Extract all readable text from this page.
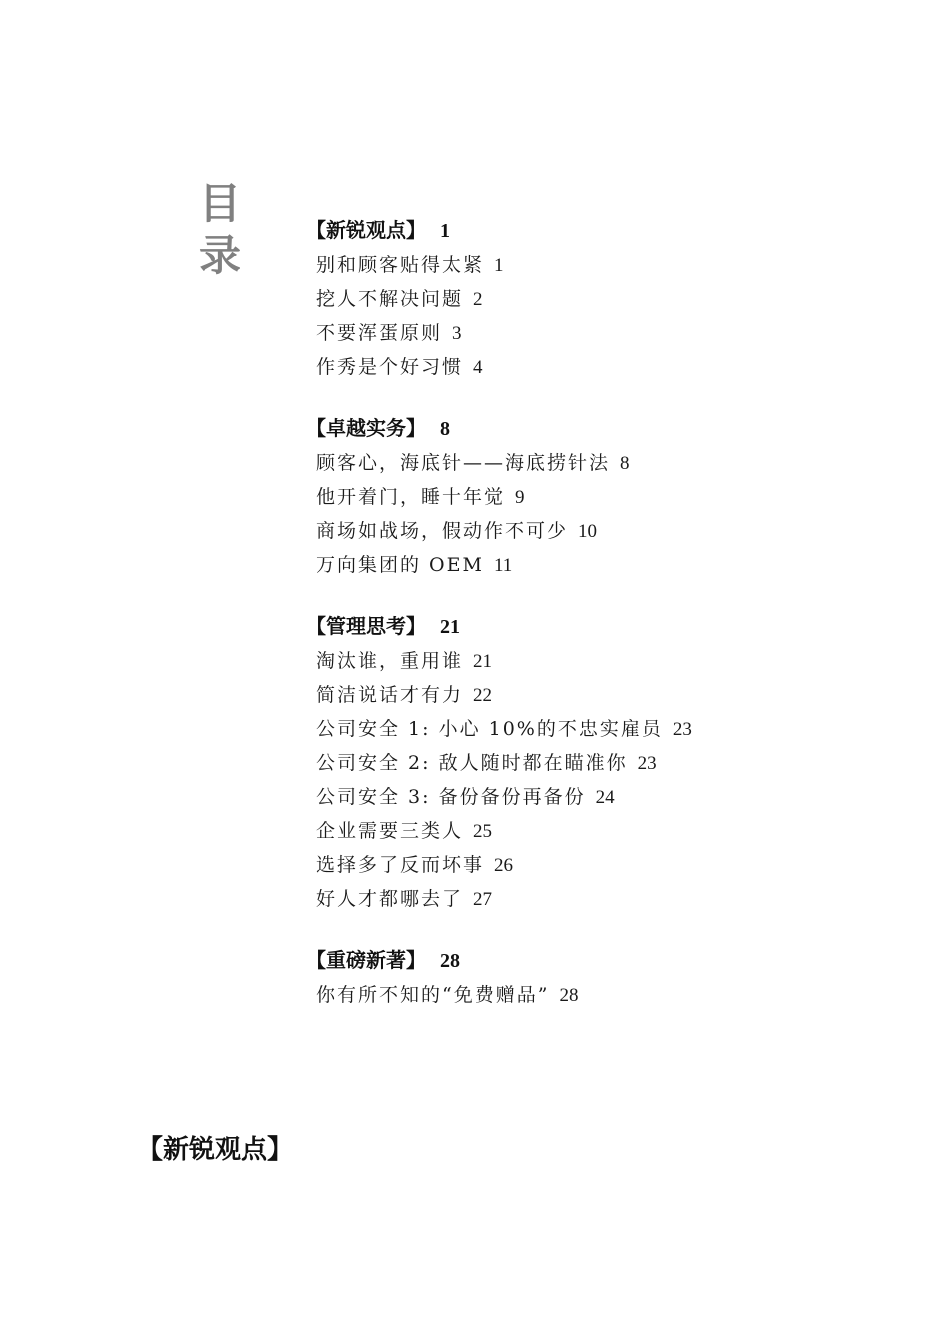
目
录
【新锐观点】 1
别和顾客贴得太紧 1
挖人不解决问题 2
不要浑蛋原则 3
作秀是个好习惯 4
【卓越实务】 8
顾客心，海底针——海底捞针法 8
他开着门，睡十年觉 9
商场如战场，假动作不可少 10
万向集团的 OEM 11
【管理思考】 21
淘汰谁，重用谁 21
简洁说话才有力 22
公司安全 1: 小心 10%的不忠实雇员 23
公司安全 2: 敌人随时都在瞄准你 23
公司安全 3: 备份备份再备份 24
企业需要三类人 25
选择多了反而坏事 26
好人才都哪去了 27
【重磅新著】 28
你有所不知的“免费赠品” 28
【新锐观点】
